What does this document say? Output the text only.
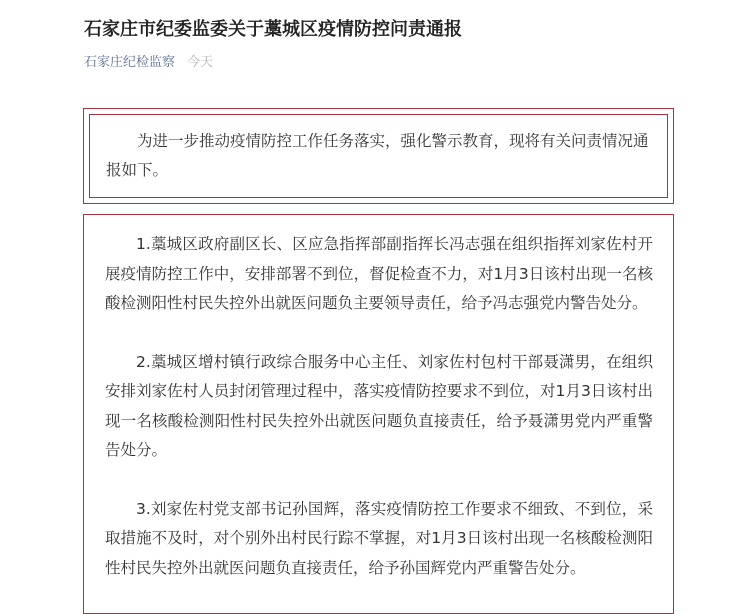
石家庄市纪委监委关于藁城区疫情防控问责通报
石家庄纪检监察 今天

为进一步推动疫情防控工作任务落实，强化警示教育，现将有关问责情况通报如下。

1.藁城区政府副区长、区应急指挥部副指挥长冯志强在组织指挥刘家佐村开展疫情防控工作中，安排部署不到位，督促检查不力，对1月3日该村出现一名核酸检测阳性村民失控外出就医问题负主要领导责任，给予冯志强党内警告处分。

2.藁城区增村镇行政综合服务中心主任、刘家佐村包村干部聂潇男，在组织安排刘家佐村人员封闭管理过程中，落实疫情防控要求不到位，对1月3日该村出现一名核酸检测阳性村民失控外出就医问题负直接责任，给予聂潇男党内严重警告处分。

3.刘家佐村党支部书记孙国辉，落实疫情防控工作要求不细致、不到位，采取措施不及时，对个别外出村民行踪不掌握，对1月3日该村出现一名核酸检测阳性村民失控外出就医问题负直接责任，给予孙国辉党内严重警告处分。
